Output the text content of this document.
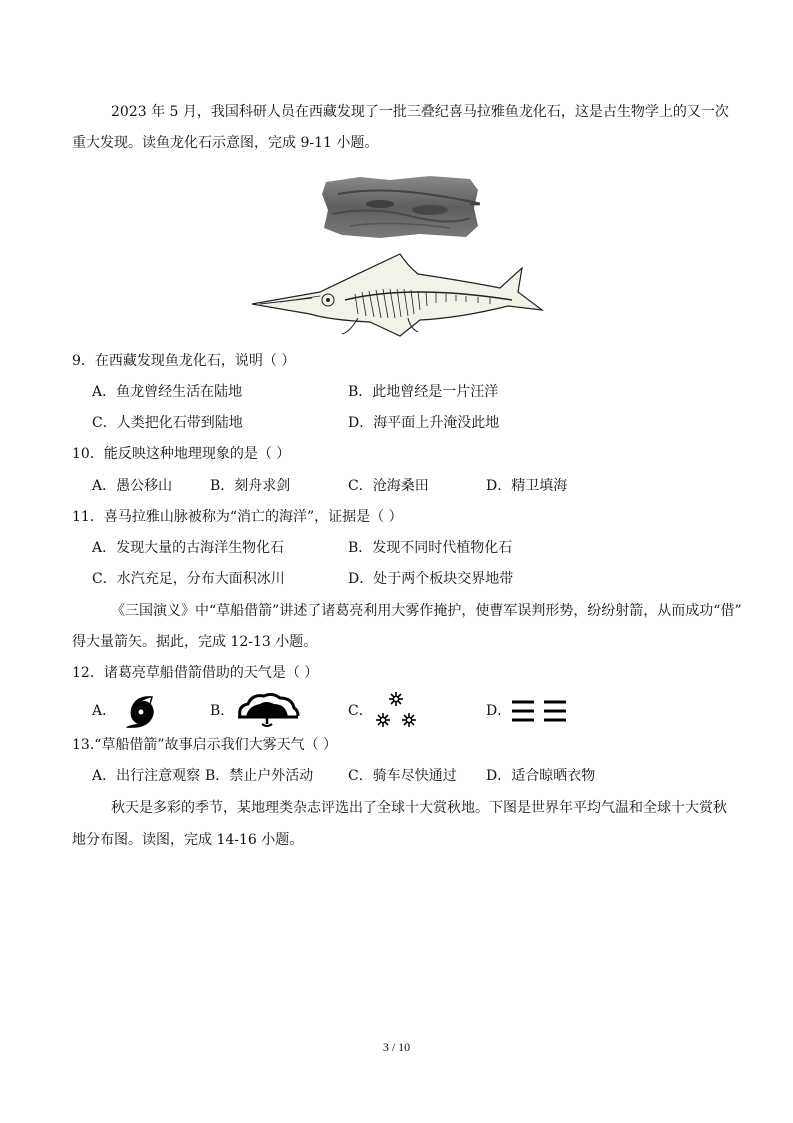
2023 年 5 月，我国科研人员在西藏发现了一批三叠纪喜马拉雅鱼龙化石，这是古生物学上的又一次
重大发现。读鱼龙化石示意图，完成 9-11 小题。
9．在西藏发现鱼龙化石，说明（ ）
A．鱼龙曾经生活在陆地	B．此地曾经是一片汪洋
C．人类把化石带到陆地	D．海平面上升淹没此地
10．能反映这种地理现象的是（ ）
A．愚公移山	B．刻舟求剑	C．沧海桑田	D．精卫填海
11．喜马拉雅山脉被称为“消亡的海洋”，证据是（ ）
A．发现大量的古海洋生物化石	B．发现不同时代植物化石
C．水汽充足，分布大面积冰川	D．处于两个板块交界地带
《三国演义》中“草船借箭”讲述了诸葛亮利用大雾作掩护，使曹军误判形势，纷纷射箭，从而成功“借”
得大量箭矢。据此，完成 12-13 小题。
12．诸葛亮草船借箭借助的天气是（ ）
A．	B．	C．	D．
13.“草船借箭”故事启示我们大雾天气（ ）
A．出行注意观察 B．禁止户外活动 C．骑车尽快通过 D．适合晾晒衣物
秋天是多彩的季节，某地理类杂志评选出了全球十大赏秋地。下图是世界年平均气温和全球十大赏秋
地分布图。读图，完成 14-16 小题。
3 / 10
